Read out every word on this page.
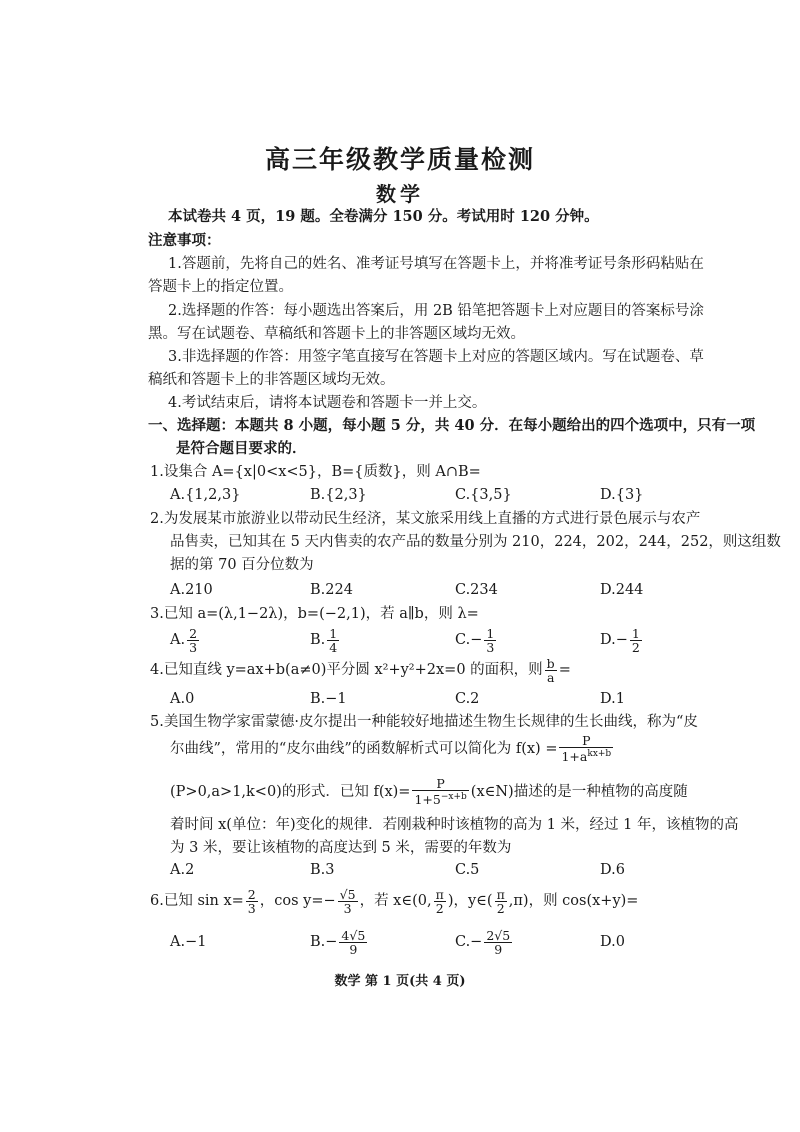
高三年级教学质量检测
数学
本试卷共 4 页，19 题。全卷满分 150 分。考试用时 120 分钟。
注意事项：
1.答题前，先将自己的姓名、准考证号填写在答题卡上，并将准考证号条形码粘贴在
答题卡上的指定位置。
2.选择题的作答：每小题选出答案后，用 2B 铅笔把答题卡上对应题目的答案标号涂
黑。写在试题卷、草稿纸和答题卡上的非答题区域均无效。
3.非选择题的作答：用签字笔直接写在答题卡上对应的答题区域内。写在试题卷、草
稿纸和答题卡上的非答题区域均无效。
4.考试结束后，请将本试题卷和答题卡一并上交。
一、选择题：本题共 8 小题，每小题 5 分，共 40 分．在每小题给出的四个选项中，只有一项
是符合题目要求的．
1.设集合 A={x|0<x<5}，B={质数}，则 A∩B=
A.{1,2,3}	B.{2,3}	C.{3,5}	D.{3}
2.为发展某市旅游业以带动民生经济，某文旅采用线上直播的方式进行景色展示与农产
品售卖，已知其在 5 天内售卖的农产品的数量分别为 210，224，202，244，252，则这组数
据的第 70 百分位数为
A.210	B.224	C.234	D.244
3.已知 a=(λ,1−2λ)，b=(−2,1)，若 a∥b，则 λ=
A. $\frac{2}{3}$	B. $\frac{1}{4}$	$C.- \frac{1}{3}$	$D.- \frac{1}{2}$
4.已知直线 y=ax+b(a≠0)平分圆 x²+y²+2x=0 的面积，则 $\frac{b}{a}$ =
A.0	B.−1	C.2	D.1
5.美国生物学家雷蒙德·皮尔提出一种能较好地描述生物生长规律的生长曲线，称为“皮
尔曲线”，常用的“皮尔曲线”的函数解析式可以简化为 $f(x) = \frac{P}{1+a^{kx+b}}$
(P>0,a>1,k<0)的形式．已知 $f(x)= \frac{P}{1+5^{-x+b}}$ (x∈N)描述的是一种植物的高度随
着时间 x(单位：年)变化的规律．若刚栽种时该植物的高为 1 米，经过 1 年，该植物的高
为 3 米，要让该植物的高度达到 5 米，需要的年数为
A.2	B.3	C.5	D.6
6.已知 $\sin x= \frac{2}{3}$ ，$\cos y=- \frac{√5}{3}$ ，若 x∈(0, $\frac{\pi}{2}$ )，y∈( $\frac{\pi}{2} ,\pi$)，则 cos(x+y)=
A.−1	$B.- \frac{4√5}{9}$	$C.- \frac{2√5}{9}$	D.0
数学 第 1 页(共 4 页)
